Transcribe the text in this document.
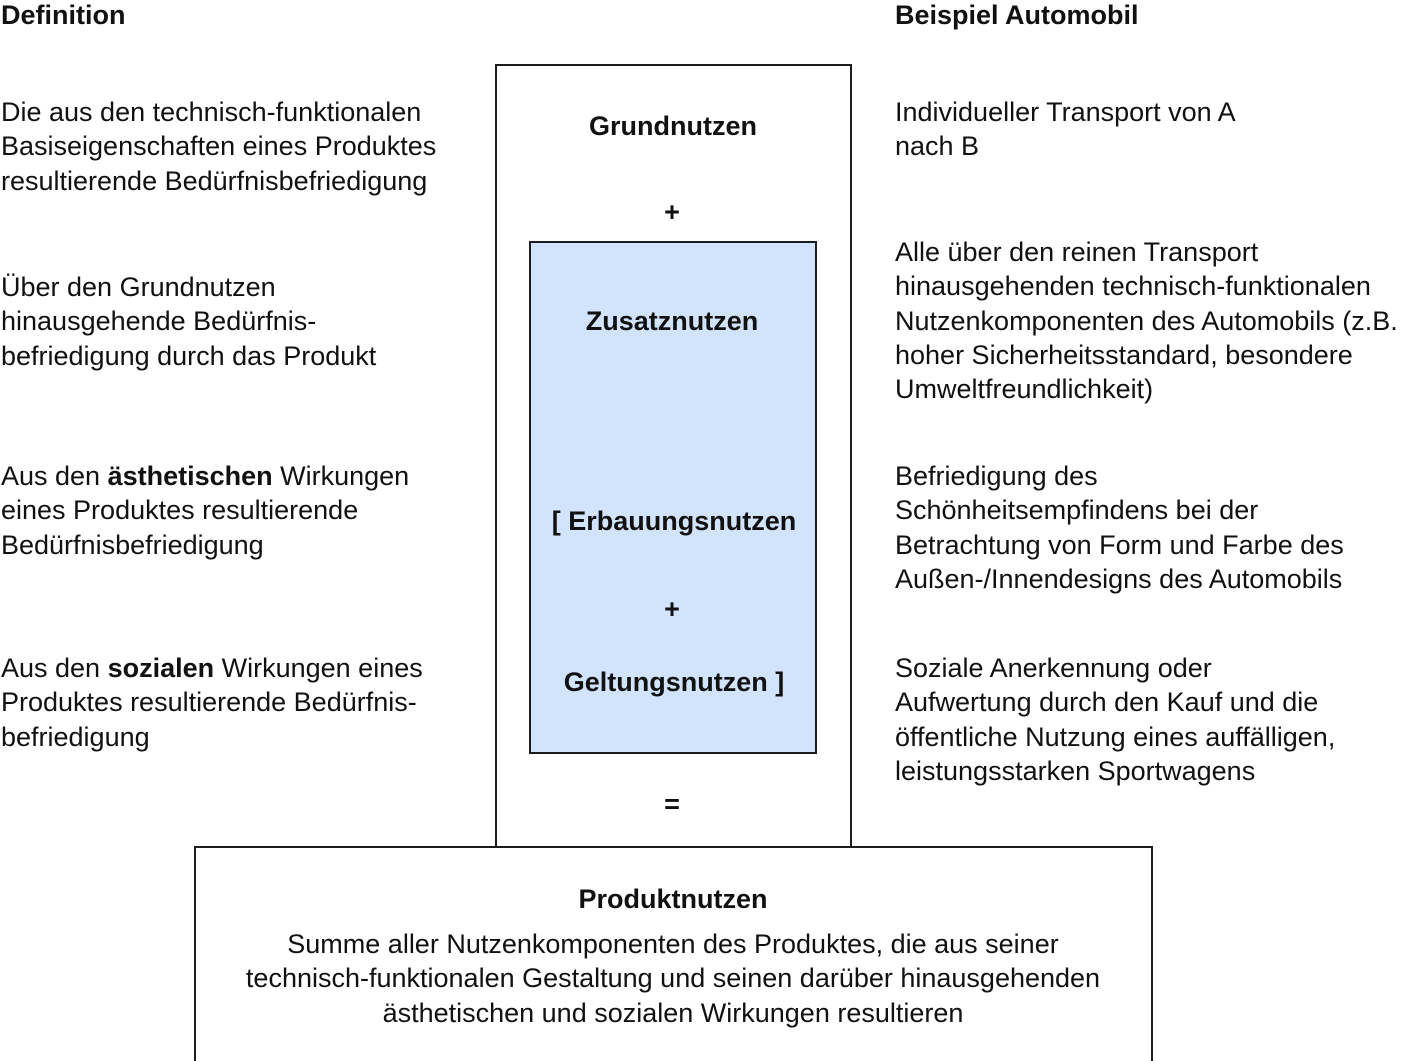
Definition	Beispiel Automobil
Grundnutzen
+
Zusatznutzen
[ Erbauungsnutzen
+
Geltungsnutzen ]
=
Die aus den technisch-funktionalen
Basiseigenschaften eines Produktes
resultierende Bedürfnisbefriedigung
Über den Grundnutzen
hinausgehende Bedürfnis-
befriedigung durch das Produkt
Aus den ästhetischen Wirkungen
eines Produktes resultierende
Bedürfnisbefriedigung
Aus den sozialen Wirkungen eines
Produktes resultierende Bedürfnis-
befriedigung
Individueller Transport von A
nach B
Alle über den reinen Transport
hinausgehenden technisch-funktionalen
Nutzenkomponenten des Automobils (z.B.
hoher Sicherheitsstandard, besondere
Umweltfreundlichkeit)
Befriedigung des
Schönheitsempfindens bei der
Betrachtung von Form und Farbe des
Außen-/Innendesigns des Automobils
Soziale Anerkennung oder
Aufwertung durch den Kauf und die
öffentliche Nutzung eines auffälligen,
leistungsstarken Sportwagens
Produktnutzen
Summe aller Nutzenkomponenten des Produktes, die aus seiner
technisch-funktionalen Gestaltung und seinen darüber hinausgehenden
ästhetischen und sozialen Wirkungen resultieren
